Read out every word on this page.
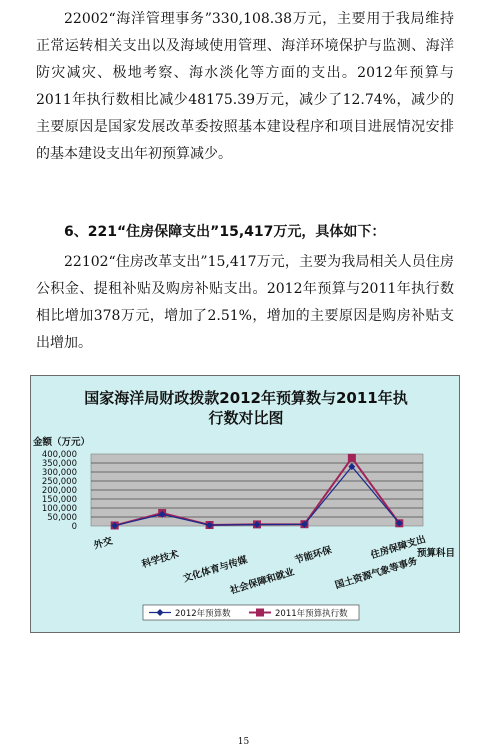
22002“海洋管理事务”330,108.38万元，主要用于我局维持正常运转相关支出以及海域使用管理、海洋环境保护与监测、海洋防灾减灾、极地考察、海水淡化等方面的支出。2012年预算与2011年执行数相比减少48175.39万元，减少了12.74%，减少的主要原因是国家发展改革委按照基本建设程序和项目进展情况安排的基本建设支出年初预算减少。
6、221“住房保障支出”15,417万元，具体如下：
22102“住房改革支出”15,417万元，主要为我局相关人员住房公积金、提租补贴及购房补贴支出。2012年预算与2011年执行数相比增加378万元，增加了2.51%，增加的主要原因是购房补贴支出增加。
国家海洋局财政拨款2012年预算数与2011年执行数对比图
400,000
350,000
300,000
250,000
200,000
150,000
100,000
50,000
0
金额（万元）
外交
科学技术 文化体育与传媒
社会保障和就业
节能环保
国土资源气象等事务
住房保障支出
预算科目
2012年预算数	2011年预算执行数
15
